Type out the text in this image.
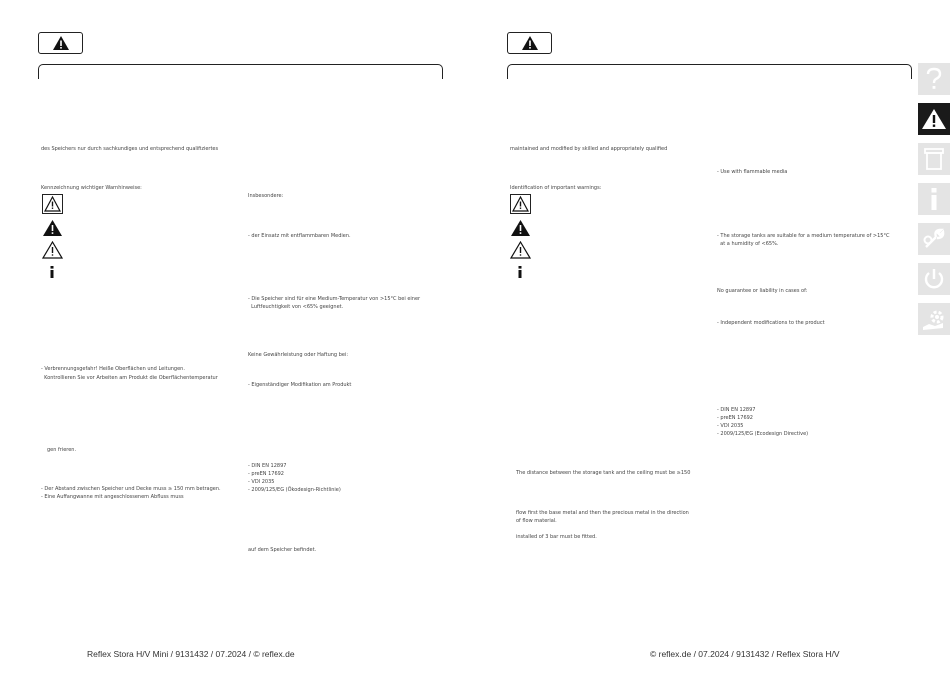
des Speichers nur durch sachkundiges und entsprechend qualifiziertes
Kennzeichnung wichtiger Warnhinweise:
- Verbrennungsgefahr! Heiße Oberflächen und Leitungen.
Kontrollieren Sie vor Arbeiten am Produkt die Oberflächentemperatur
gen frieren.
- Der Abstand zwischen Speicher und Decke muss ≥ 150 mm betragen.
- Eine Auffangwanne mit angeschlossenem Abfluss muss
Insbesondere:
- der Einsatz mit entflammbaren Medien.
- Die Speicher sind für eine Medium-Temperatur von >15°C bei einer
Luftfeuchtigkeit von <65% geeignet.
Keine Gewährleistung oder Haftung bei:
- Eigenständiger Modifikation am Produkt
- DIN EN 12897
- preEN 17692
- VDI 2035
- 2009/125/EG (Ökodesign-Richtlinie)
auf dem Speicher befindet.
Reflex Stora H/V Mini / 9131432 / 07.2024 / © reflex.de
maintained and modified by skilled and appropriately qualified
Identification of important warnings:
The distance between the storage tank and the ceiling must be ≥150
flow first the base metal and then the precious metal in the direction
of flow material.
installed of 3 bar must be fitted.
- Use with flammable media
- The storage tanks are suitable for a medium temperature of >15°C
at a humidity of <65%.
No guarantee or liability in cases of:
- Independent modifications to the product
- DIN EN 12897
- preEN 17692
- VDI 2035
- 2009/125/EG (Ecodesign Directive)
© reflex.de / 07.2024 / 9131432 / Reflex Stora H/V
